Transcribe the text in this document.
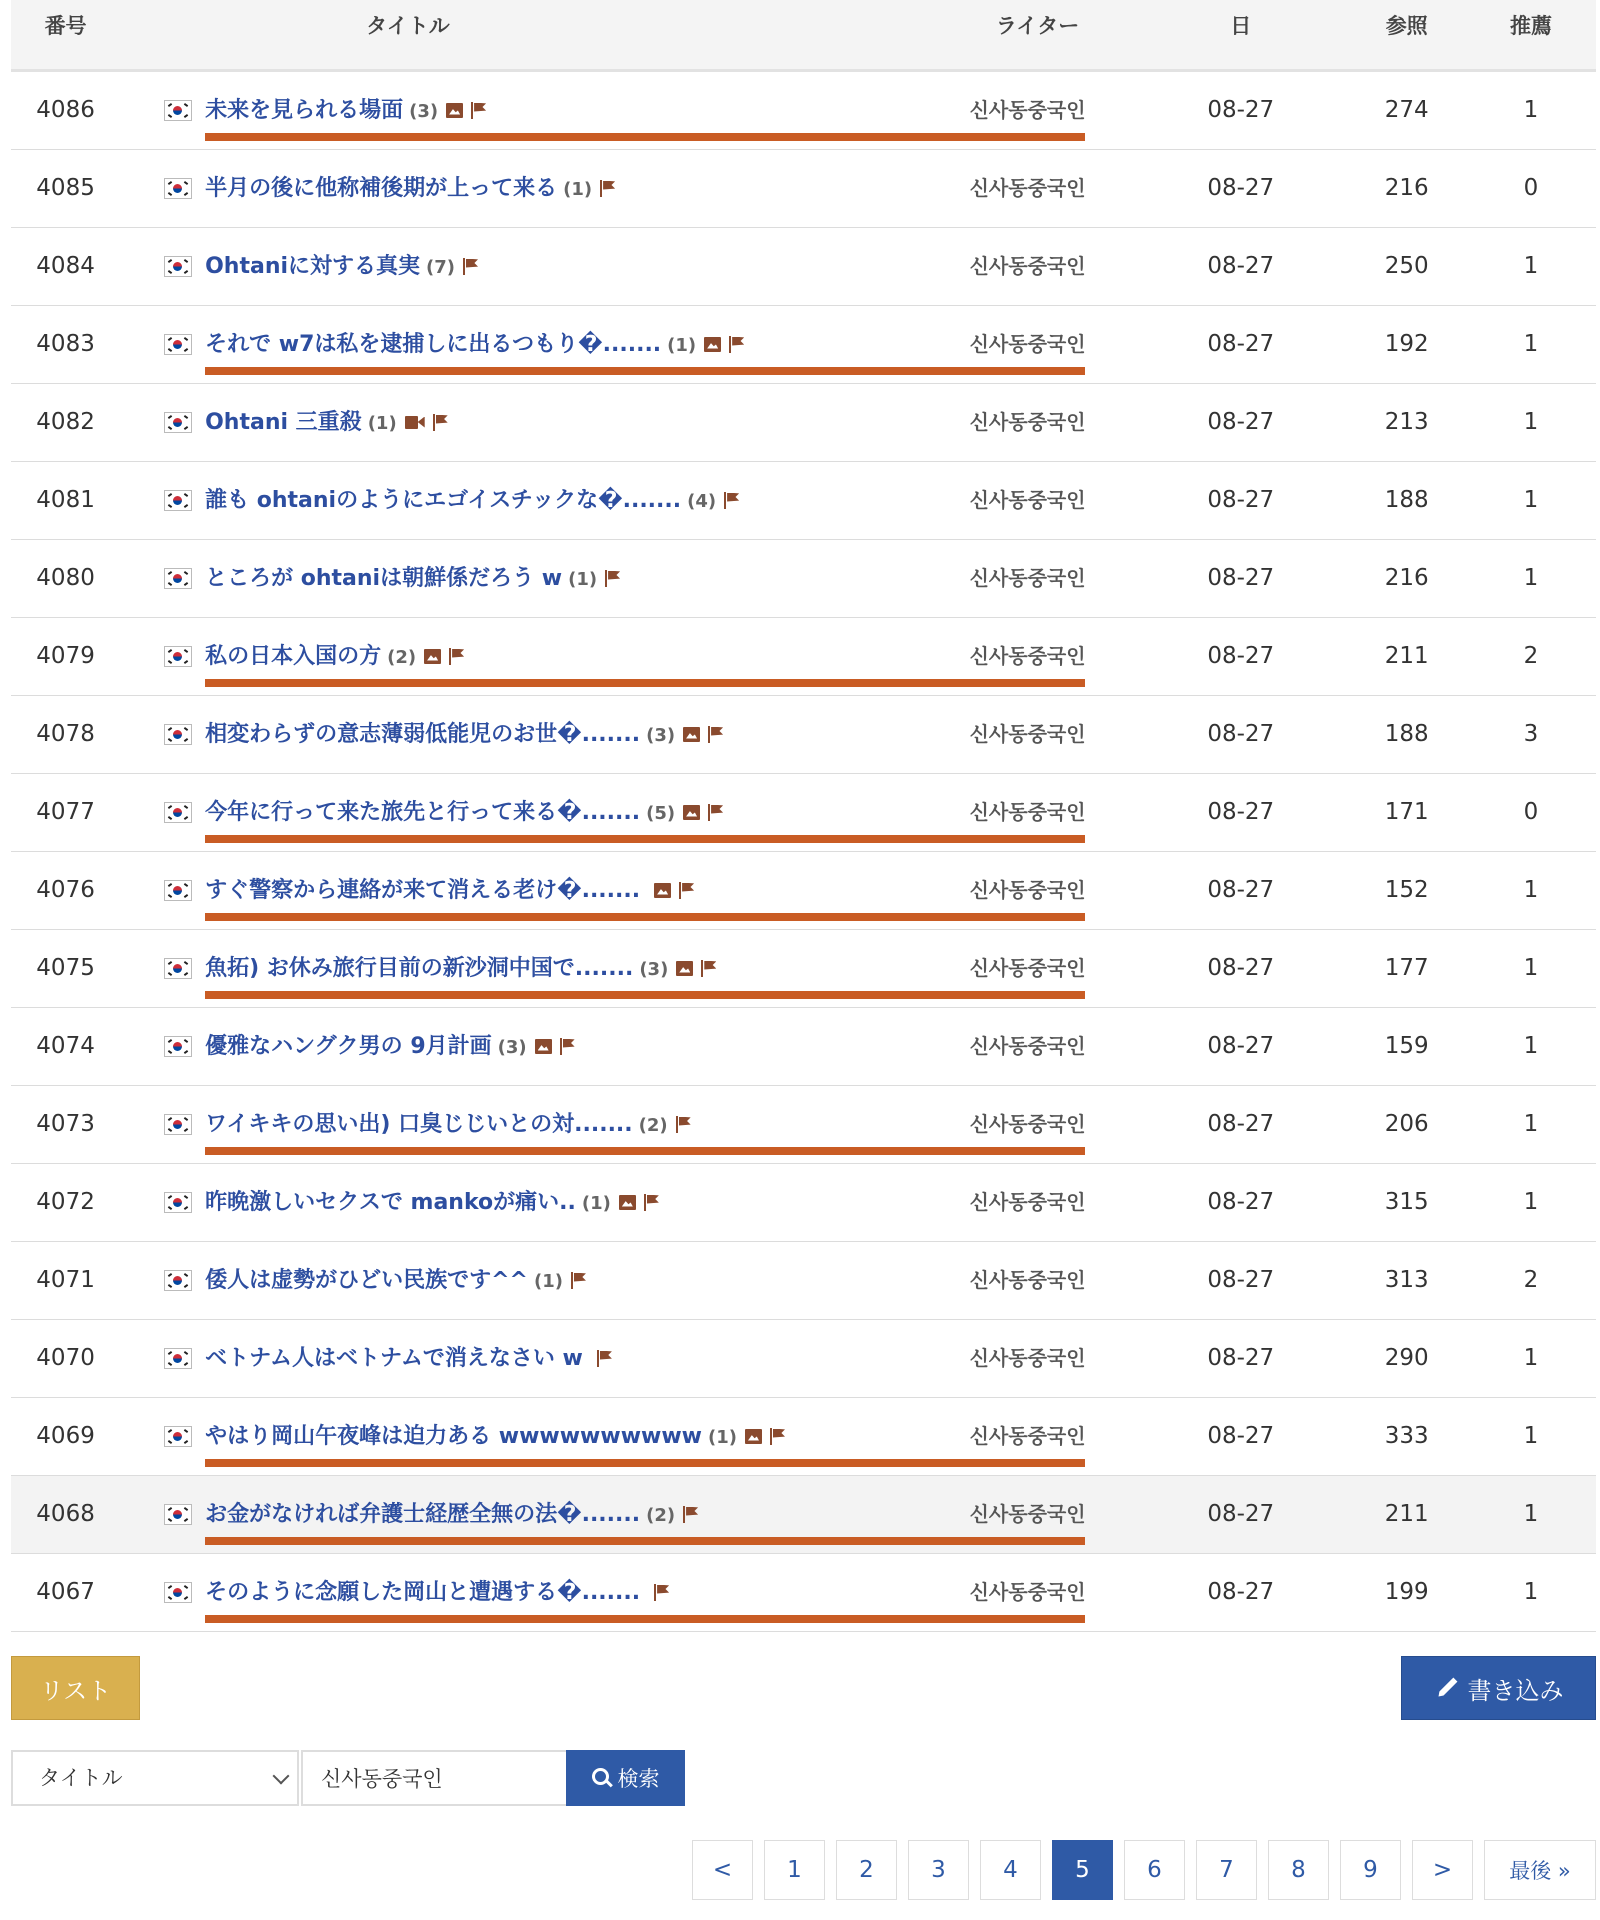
番号	タイトル		ライター	日	参照	推薦
4086		未来を見られる場面 (3)	신사동중국인	08-27	274	1
4085		半月の後に他称補後期が上って来る (1)	신사동중국인	08-27	216	0
4084		Ohtaniに対する真実 (7)	신사동중국인	08-27	250	1
4083		それで w7は私を逮捕しに出るつもり�....... (1)	신사동중국인	08-27	192	1
4082		Ohtani 三重殺 (1)	신사동중국인	08-27	213	1
4081		誰も ohtaniのようにエゴイスチックな�....... (4)	신사동중국인	08-27	188	1
4080		ところが ohtaniは朝鮮係だろう w (1)	신사동중국인	08-27	216	1
4079		私の日本入国の方 (2)	신사동중국인	08-27	211	2
4078		相変わらずの意志薄弱低能児のお世�....... (3)	신사동중국인	08-27	188	3
4077		今年に行って来た旅先と行って来る�....... (5)	신사동중국인	08-27	171	0
4076		すぐ警察から連絡が来て消える老け�.......	신사동중국인	08-27	152	1
4075		魚拓) お休み旅行目前の新沙洞中国で....... (3)	신사동중국인	08-27	177	1
4074		優雅なハングク男の 9月計画 (3)	신사동중국인	08-27	159	1
4073		ワイキキの思い出) 口臭じじいとの対....... (2)	신사동중국인	08-27	206	1
4072		昨晩激しいセクスで mankoが痛い.. (1)	신사동중국인	08-27	315	1
4071		倭人は虚勢がひどい民族です^^ (1)	신사동중국인	08-27	313	2
4070		ベトナム人はベトナムで消えなさい w	신사동중국인	08-27	290	1
4069		やはり岡山午夜峰は迫力ある wwwwwwwwww (1)	신사동중국인	08-27	333	1
4068		お金がなければ弁護士経歴全無の法�....... (2)	신사동중국인	08-27	211	1
4067		そのように念願した岡山と遭遇する�.......	신사동중국인	08-27	199	1
リスト	書き込み
タイトル
신사동중국인	検索
<	1	2	3	4	5	6	7	8	9	>	最後 »
